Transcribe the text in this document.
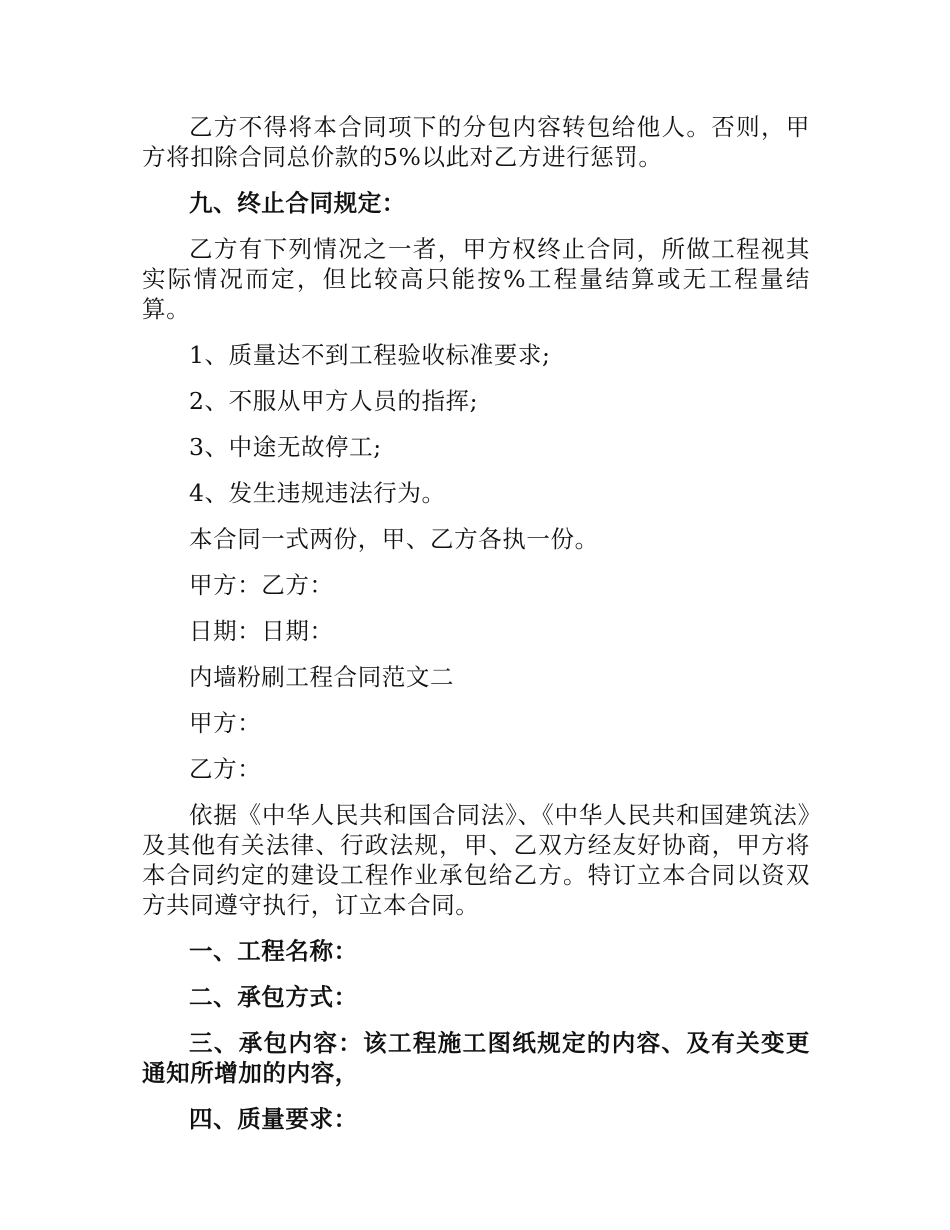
乙方不得将本合同项下的分包内容转包给他人。否则，甲方将扣除合同总价款的5%以此对乙方进行惩罚。

九、终止合同规定：

乙方有下列情况之一者，甲方权终止合同，所做工程视其实际情况而定，但比较高只能按%工程量结算或无工程量结算。

1、质量达不到工程验收标准要求;

2、不服从甲方人员的指挥;

3、中途无故停工;

4、发生违规违法行为。

本合同一式两份，甲、乙方各执一份。

甲方：乙方：

日期：日期：

内墙粉刷工程合同范文二

甲方：

乙方：

依据《中华人民共和国合同法》、《中华人民共和国建筑法》及其他有关法律、行政法规，甲、乙双方经友好协商，甲方将本合同约定的建设工程作业承包给乙方。特订立本合同以资双方共同遵守执行，订立本合同。

一、工程名称：

二、承包方式：

三、承包内容：该工程施工图纸规定的内容、及有关变更通知所增加的内容，

四、质量要求：
